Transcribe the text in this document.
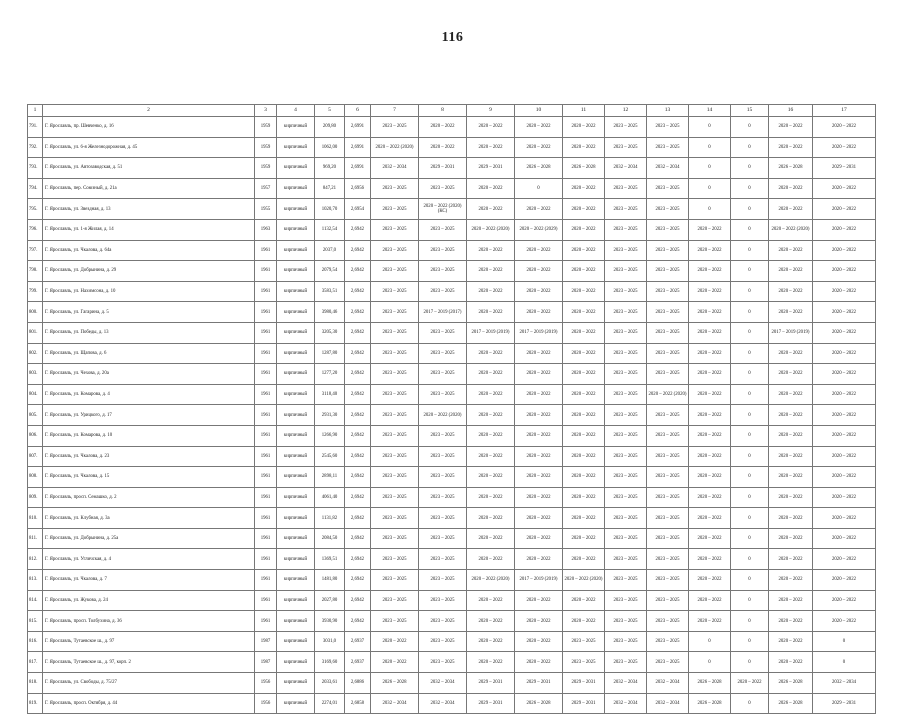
116
1	2	3	4	5	6	7	8	9	10	11	12	13	14	15	16	17
791.	Г. Ярославль, пр. Шевченко, д. 16	1959	кирпичный	209,80	2,6991	2023 – 2025	2020 – 2022	2020 – 2022	2020 – 2022	2020 – 2022	2023 – 2025	2023 – 2025	0	0	2020 – 2022	2020 – 2022
792.	Г. Ярославль, ул. 6-я Железнодорожная, д. 45	1959	кирпичный	1062,00	2,6991	2020 – 2022 (2020)	2020 – 2022	2020 – 2022	2020 – 2022	2020 – 2022	2023 – 2025	2023 – 2025	0	0	2020 – 2022	2020 – 2022
793.	Г. Ярославль, ул. Автозаводская, д. 51	1959	кирпичный	969,20	2,6991	2032 – 2034	2029 – 2031	2029 – 2031	2026 – 2028	2026 – 2028	2032 – 2034	2032 – 2034	0	0	2026 – 2028	2029 – 2031
794.	Г. Ярославль, пер. Союзный, д. 21а	1957	кирпичный	847,21	2,6956	2023 – 2025	2023 – 2025	2020 – 2022	0	2020 – 2022	2023 – 2025	2023 – 2025	0	0	2020 – 2022	2020 – 2022
795.	Г. Ярославль, ул. Звездная, д. 13	1955	кирпичный	1020,70	2,6954	2023 – 2025	2020 – 2022 (2020) (КС)	2020 – 2022	2020 – 2022	2020 – 2022	2023 – 2025	2023 – 2025	0	0	2020 – 2022	2020 – 2022
796.	Г. Ярославль, ул. 1-я Жилая, д. 14	1963	кирпичный	1132,54	2,6942	2023 – 2025	2023 – 2025	2020 – 2022 (2020)	2020 – 2022 (2029)	2020 – 2022	2023 – 2025	2023 – 2025	2020 – 2022	0	2020 – 2022 (2020)	2020 – 2022
797.	Г. Ярославль, ул. Чкалова, д. 64а	1961	кирпичный	2037,0	2,6942	2023 – 2025	2023 – 2025	2020 – 2022	2020 – 2022	2020 – 2022	2023 – 2025	2023 – 2025	2020 – 2022	0	2020 – 2022	2020 – 2022
798.	Г. Ярославль, ул. Добрынина, д. 29	1961	кирпичный	2079,54	2,6942	2023 – 2025	2023 – 2025	2020 – 2022	2020 – 2022	2020 – 2022	2023 – 2025	2023 – 2025	2020 – 2022	0	2020 – 2022	2020 – 2022
799.	Г. Ярославль, ул. Нахимсона, д. 10	1961	кирпичный	3583,51	2,6942	2023 – 2025	2023 – 2025	2020 – 2022	2020 – 2022	2020 – 2022	2023 – 2025	2023 – 2025	2020 – 2022	0	2020 – 2022	2020 – 2022
800.	Г. Ярославль, ул. Гагарина, д. 5	1961	кирпичный	3980,46	2,6942	2023 – 2025	2017 – 2019 (2017)	2020 – 2022	2020 – 2022	2020 – 2022	2023 – 2025	2023 – 2025	2020 – 2022	0	2020 – 2022	2020 – 2022
801.	Г. Ярославль, ул. Победы, д. 13	1961	кирпичный	3205,30	2,6942	2023 – 2025	2023 – 2025	2017 – 2019 (2019)	2017 – 2019 (2019)	2020 – 2022	2023 – 2025	2023 – 2025	2020 – 2022	0	2017 – 2019 (2019)	2020 – 2022
802.	Г. Ярославль, ул. Щапова, д. 6	1961	кирпичный	1287,80	2,6942	2023 – 2025	2023 – 2025	2020 – 2022	2020 – 2022	2020 – 2022	2023 – 2025	2023 – 2025	2020 – 2022	0	2020 – 2022	2020 – 2022
803.	Г. Ярославль, ул. Чехова, д. 20а	1961	кирпичный	1277,20	2,6942	2023 – 2025	2023 – 2025	2020 – 2022	2020 – 2022	2020 – 2022	2023 – 2025	2023 – 2025	2020 – 2022	0	2020 – 2022	2020 – 2022
804.	Г. Ярославль, ул. Комарова, д. 4	1961	кирпичный	3118,40	2,6942	2023 – 2025	2023 – 2025	2020 – 2022	2020 – 2022	2020 – 2022	2023 – 2025	2020 – 2022 (2020)	2020 – 2022	0	2020 – 2022	2020 – 2022
805.	Г. Ярославль, ул. Урицкого, д. 17	1961	кирпичный	2931,30	2,6942	2023 – 2025	2020 – 2022 (2020)	2020 – 2022	2020 – 2022	2020 – 2022	2023 – 2025	2023 – 2025	2020 – 2022	0	2020 – 2022	2020 – 2022
806.	Г. Ярославль, ул. Комарова, д. 10	1961	кирпичный	1266,90	2,6942	2023 – 2025	2023 – 2025	2020 – 2022	2020 – 2022	2020 – 2022	2023 – 2025	2023 – 2025	2020 – 2022	0	2020 – 2022	2020 – 2022
807.	Г. Ярославль, ул. Чкалова, д. 23	1961	кирпичный	2545,60	2,6942	2023 – 2025	2023 – 2025	2020 – 2022	2020 – 2022	2020 – 2022	2023 – 2025	2023 – 2025	2020 – 2022	0	2020 – 2022	2020 – 2022
808.	Г. Ярославль, ул. Чкалова, д. 15	1961	кирпичный	2898,11	2,6942	2023 – 2025	2023 – 2025	2020 – 2022	2020 – 2022	2020 – 2022	2023 – 2025	2023 – 2025	2020 – 2022	0	2020 – 2022	2020 – 2022
809.	Г. Ярославль, просп. Семашко, д. 2	1961	кирпичный	4061,40	2,6942	2023 – 2025	2023 – 2025	2020 – 2022	2020 – 2022	2020 – 2022	2023 – 2025	2023 – 2025	2020 – 2022	0	2020 – 2022	2020 – 2022
810.	Г. Ярославль, ул. Клубная, д. 3а	1961	кирпичный	1131,82	2,6942	2023 – 2025	2023 – 2025	2020 – 2022	2020 – 2022	2020 – 2022	2023 – 2025	2023 – 2025	2020 – 2022	0	2020 – 2022	2020 – 2022
811.	Г. Ярославль, ул. Добрынина, д. 25а	1961	кирпичный	2084,50	2,6942	2023 – 2025	2023 – 2025	2020 – 2022	2020 – 2022	2020 – 2022	2023 – 2025	2023 – 2025	2020 – 2022	0	2020 – 2022	2020 – 2022
812.	Г. Ярославль, ул. Угличская, д. 4	1961	кирпичный	1369,51	2,6942	2023 – 2025	2023 – 2025	2020 – 2022	2020 – 2022	2020 – 2022	2023 – 2025	2023 – 2025	2020 – 2022	0	2020 – 2022	2020 – 2022
813.	Г. Ярославль, ул. Чкалова, д. 7	1961	кирпичный	1481,80	2,6942	2023 – 2025	2023 – 2025	2020 – 2022 (2020)	2017 – 2019 (2019)	2020 – 2022 (2020)	2023 – 2025	2023 – 2025	2020 – 2022	0	2020 – 2022	2020 – 2022
814.	Г. Ярославль, ул. Жукова, д. 24	1961	кирпичный	2027,80	2,6942	2023 – 2025	2023 – 2025	2020 – 2022	2020 – 2022	2020 – 2022	2023 – 2025	2023 – 2025	2020 – 2022	0	2020 – 2022	2020 – 2022
815.	Г. Ярославль, просп. Толбухина, д. 36	1961	кирпичный	3930,90	2,6942	2023 – 2025	2023 – 2025	2020 – 2022	2020 – 2022	2020 – 2022	2023 – 2025	2023 – 2025	2020 – 2022	0	2020 – 2022	2020 – 2022
816.	Г. Ярославль, Тутаевское ш., д. 97	1987	кирпичный	3031,0	2,6937	2020 – 2022	2023 – 2025	2020 – 2022	2020 – 2022	2023 – 2025	2023 – 2025	2023 – 2025	0	0	2020 – 2022	0
817.	Г. Ярославль, Тутаевское ш., д. 97, корп. 2	1987	кирпичный	3169,60	2,6937	2020 – 2022	2023 – 2025	2020 – 2022	2020 – 2022	2023 – 2025	2023 – 2025	2023 – 2025	0	0	2020 – 2022	0
818.	Г. Ярославль, ул. Свободы, д. 75/27	1956	кирпичный	2033,61	2,6886	2026 – 2028	2032 – 2034	2029 – 2031	2029 – 2031	2029 – 2031	2032 – 2034	2032 – 2034	2026 – 2028	2020 – 2022	2026 – 2028	2032 – 2034
819.	Г. Ярославль, просп. Октября, д. 44	1956	кирпичный	2274,01	2,6858	2032 – 2034	2032 – 2034	2029 – 2031	2026 – 2028	2029 – 2031	2032 – 2034	2032 – 2034	2026 – 2028	0	2026 – 2028	2029 – 2031
